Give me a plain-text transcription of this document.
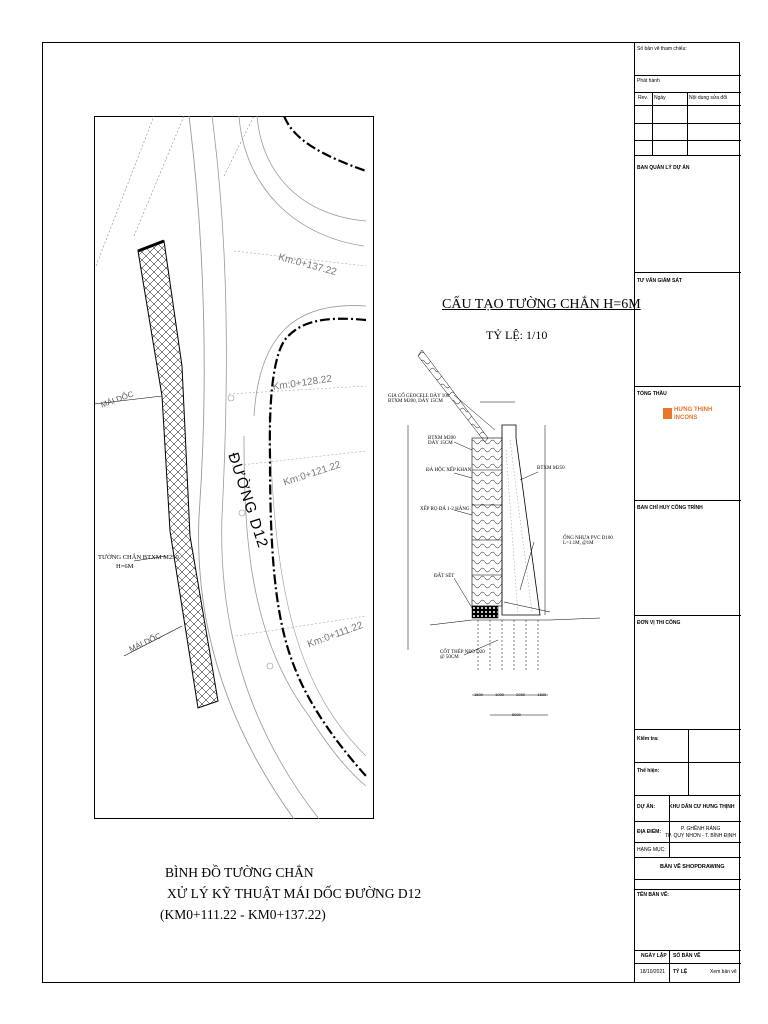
Km:0+137.22
Km:0+128.22
Km:0+121.22
Km:0+111.22
ĐƯỜNG D12
MÁI DỐC
MÁI DỐC
TƯỜNG CHẮN BTXM M250
H=6M
BÌNH ĐỒ TƯỜNG CHẮN
XỬ LÝ KỸ THUẬT MÁI DỐC ĐƯỜNG D12
(KM0+111.22 - KM0+137.22)
CẤU TẠO TƯỜNG CHẮN H=6M
TỶ LỆ: 1/10
GIA CỐ GEOCELL DÀY 100
BTXM M200, DÀY 15CM
BTXM M200
DÀY 15CM
ĐÁ HỘC XẾP KHAN
XẾP RỌ ĐÁ 1-2 HÀNG
ĐẤT SÉT
CỐT THÉP NEO D20
@ 50CM
BTXM M250
ỐNG NHỰA PVC D100
L=1.1M, @1M
1500	1000	2000	1500
5000
Số bản vẽ tham chiếu:
Phát hành
Rev. Ngày	Nội dung sửa đổi
BAN QUẢN LÝ DỰ ÁN
TƯ VẤN GIÁM SÁT
TỔNG THẦU
HƯNG THỊNH
INCONS
BAN CHỈ HUY CÔNG TRÌNH
ĐƠN VỊ THI CÔNG
Kiểm tra:
Thể hiện:
DỰ ÁN:	KHU DÂN CƯ HƯNG THỊNH
ĐỊA ĐIỂM:	P. GHỀNH RÁNG
TP. QUY NHƠN - T. BÌNH ĐỊNH
HẠNG MỤC:
BẢN VẼ SHOPDRAWING
TÊN BẢN VẼ:
NGÀY LẬP SỐ BẢN VẼ
18/10/2021 TỶ LỆ	Xem bản vẽ
